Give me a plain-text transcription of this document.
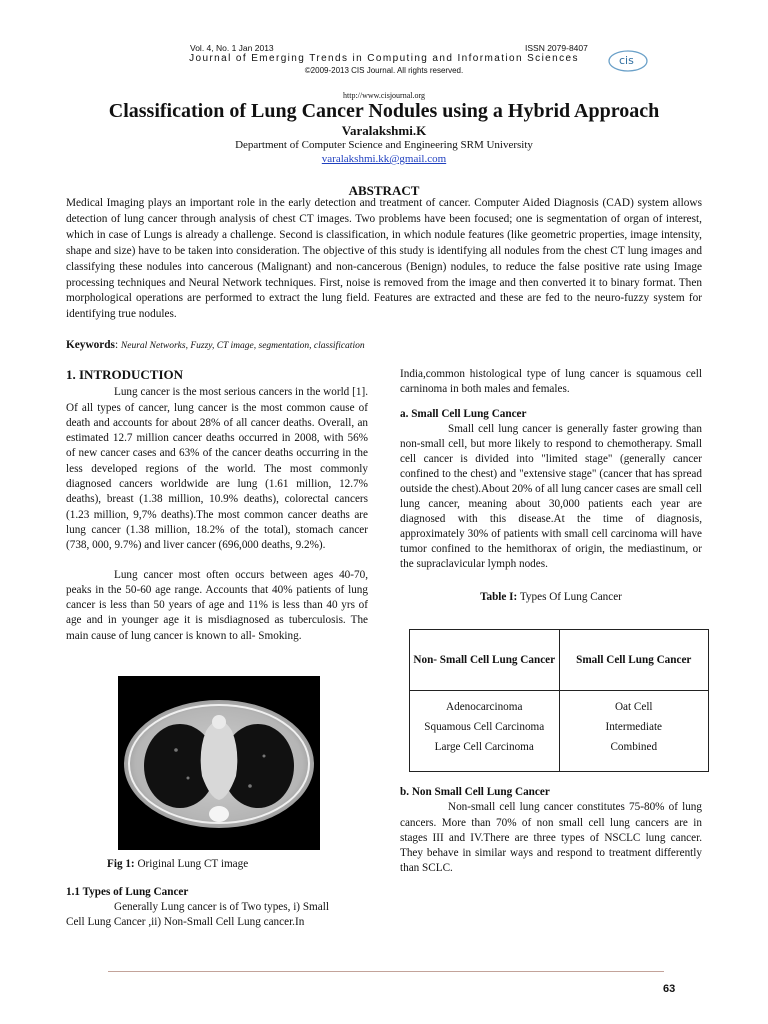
Vol. 4, No. 1 Jan 2013	ISSN 2079-8407
Journal of Emerging Trends in Computing and Information Sciences
©2009-2013 CIS Journal. All rights reserved.
cis
http://www.cisjournal.org
Classification of Lung Cancer Nodules using a Hybrid Approach
Varalakshmi.K
Department of Computer Science and Engineering SRM University
varalakshmi.kk@gmail.com
ABSTRACT
Medical Imaging plays an important role in the early detection and treatment of cancer. Computer Aided Diagnosis (CAD) system allows detection of lung cancer through analysis of chest CT images. Two problems have been focused; one is segmentation of organ of interest, which in case of Lungs is already a challenge. Second is classification, in which nodule features (like geometric properties, image intensity, shape and size) have to be taken into consideration. The objective of this study is identifying all nodules from the chest CT lung images and classifying these nodules into cancerous (Malignant) and non-cancerous (Benign) nodules, to reduce the false positive rate using Image processing techniques and Neural Network techniques. First, noise is removed from the image and then converted it to binary format. Then morphological operations are performed to extract the lung field. Features are extracted and these are fed to the neuro-fuzzy system for identifying true nodules.
Keywords: Neural Networks, Fuzzy, CT image, segmentation, classification
1. INTRODUCTION

Lung cancer is the most serious cancers in the world [1]. Of all types of cancer, lung cancer is the most common cause of death and accounts for about 28% of all cancer deaths. Overall, an estimated 12.7 million cancer deaths occurred in 2008, with 56% of new cancer cases and 63% of the cancer deaths occurring in the less developed regions of the world. The most commonly diagnosed cancers worldwide are lung (1.61 million, 12.7% deaths), breast (1.38 million, 10.9% deaths), colorectal cancers (1.23 million, 9,7% deaths).The most common cancer deaths are lung cancer (1.38 million, 18.2% of the total), stomach cancer (738, 000, 9.7%) and liver cancer (696,000 deaths, 9.2%).

Lung cancer most often occurs between ages 40-70, peaks in the 50-60 age range. Accounts that 40% patients of lung cancer is less than 50 years of age and 11% is less than 40 yrs of age and in younger age it is misdiagnosed as tuberculosis. The main cause of lung cancer is known to all- Smoking.

Fig 1: Original Lung CT image
1.1 Types of Lung Cancer
Generally Lung cancer is of Two types, i) Small Cell Lung Cancer ,ii) Non-Small Cell Lung cancer.In

India,common histological type of lung cancer is squamous cell carninoma in both males and females.

a. Small Cell Lung Cancer

Small cell lung cancer is generally faster growing than non-small cell, but more likely to respond to chemotherapy. Small cell cancer is divided into "limited stage" (generally cancer confined to the chest) and "extensive stage" (cancer that has spread outside the chest).About 20% of all lung cancer cases are small cell lung cancer, meaning about 30,000 patients each year are diagnosed with this disease.At the time of diagnosis, approximately 30% of patients with small cell carcinoma will have tumor confined to the hemithorax of origin, the mediastinum, or the supraclavicular lymph nodes.

Table I: Types Of Lung Cancer
Non- Small Cell Lung Cancer	Small Cell Lung Cancer
Adenocarcinoma	Oat Cell
Squamous Cell Carcinoma	Intermediate
Large Cell Carcinoma	Combined

b. Non Small Cell Lung Cancer

Non-small cell lung cancer constitutes 75-80% of lung cancers. More than 70% of non small cell lung cancers are in stages III and IV.There are three types of NSCLC lung cancer. They behave in similar ways and respond to treatment differently than SCLC.

63
